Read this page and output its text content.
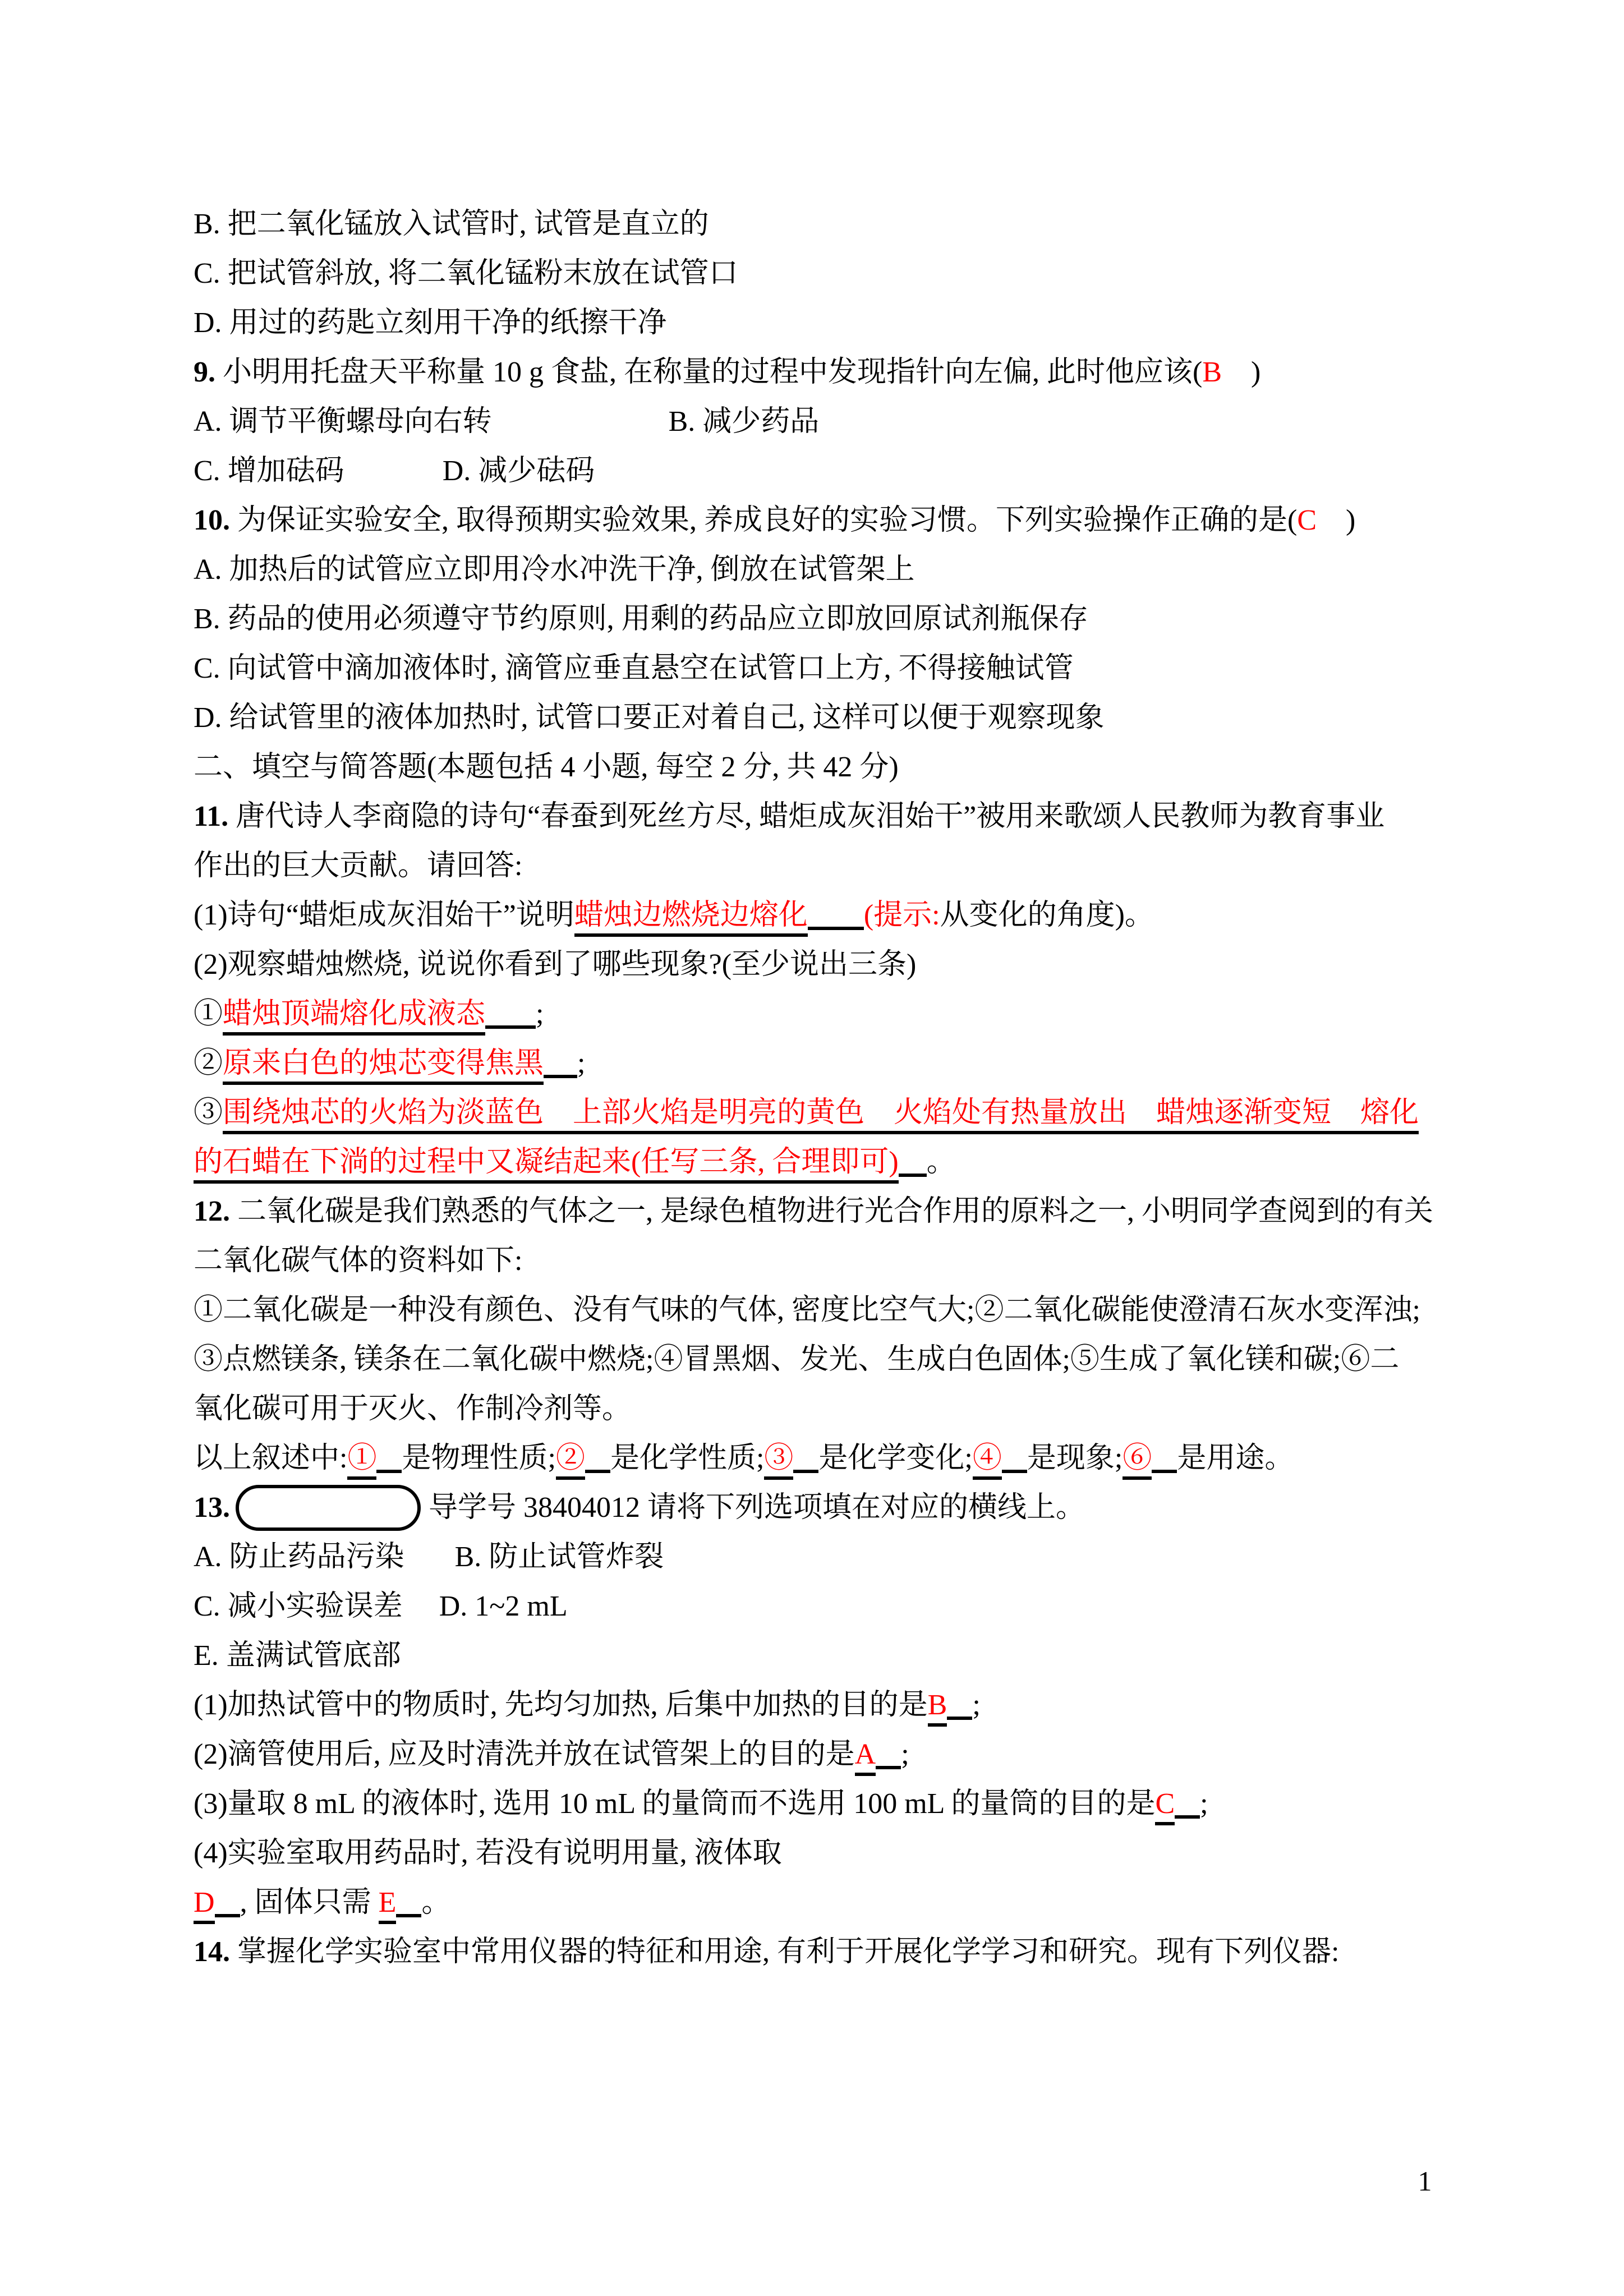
B. 把二氧化锰放入试管时, 试管是直立的
C. 把试管斜放, 将二氧化锰粉末放在试管口
D. 用过的药匙立刻用干净的纸擦干净
9. 小明用托盘天平称量 10 g 食盐, 在称量的过程中发现指针向左偏, 此时他应该(B　)
A. 调节平衡螺母向右转	B. 减少药品
C. 增加砝码	D. 减少砝码
10. 为保证实验安全, 取得预期实验效果, 养成良好的实验习惯。下列实验操作正确的是(C　)
A. 加热后的试管应立即用冷水冲洗干净, 倒放在试管架上
B. 药品的使用必须遵守节约原则, 用剩的药品应立即放回原试剂瓶保存
C. 向试管中滴加液体时, 滴管应垂直悬空在试管口上方, 不得接触试管
D. 给试管里的液体加热时, 试管口要正对着自己, 这样可以便于观察现象
二、填空与简答题(本题包括 4 小题, 每空 2 分, 共 42 分)
11. 唐代诗人李商隐的诗句“春蚕到死丝方尽, 蜡炬成灰泪始干”被用来歌颂人民教师为教育事业
作出的巨大贡献。请回答:
(1)诗句“蜡炬成灰泪始干”说明蜡烛边燃烧边熔化 (提示:从变化的角度)。
(2)观察蜡烛燃烧, 说说你看到了哪些现象?(至少说出三条)
①蜡烛顶端熔化成液态 ;
②原来白色的烛芯变得焦黑 ;
③围绕烛芯的火焰为淡蓝色　上部火焰是明亮的黄色　火焰处有热量放出　蜡烛逐渐变短　熔化
的石蜡在下淌的过程中又凝结起来(任写三条, 合理即可) 。
12. 二氧化碳是我们熟悉的气体之一, 是绿色植物进行光合作用的原料之一, 小明同学查阅到的有关
二氧化碳气体的资料如下:
①二氧化碳是一种没有颜色、没有气味的气体, 密度比空气大;②二氧化碳能使澄清石灰水变浑浊;
③点燃镁条, 镁条在二氧化碳中燃烧;④冒黑烟、发光、生成白色固体;⑤生成了氧化镁和碳;⑥二
氧化碳可用于灭火、作制冷剂等。
以上叙述中:① 是物理性质;② 是化学性质;③ 是化学变化;④ 是现象;⑥ 是用途。
13.	导学号 38404012 请将下列选项填在对应的横线上。
A. 防止药品污染 B. 防止试管炸裂
C. 减小实验误差 D. 1~2 mL
E. 盖满试管底部
(1)加热试管中的物质时, 先均匀加热, 后集中加热的目的是B ;
(2)滴管使用后, 应及时清洗并放在试管架上的目的是A ;
(3)量取 8 mL 的液体时, 选用 10 mL 的量筒而不选用 100 mL 的量筒的目的是C ;
(4)实验室取用药品时, 若没有说明用量, 液体取
D , 固体只需 E 。
14. 掌握化学实验室中常用仪器的特征和用途, 有利于开展化学学习和研究。现有下列仪器:
1
